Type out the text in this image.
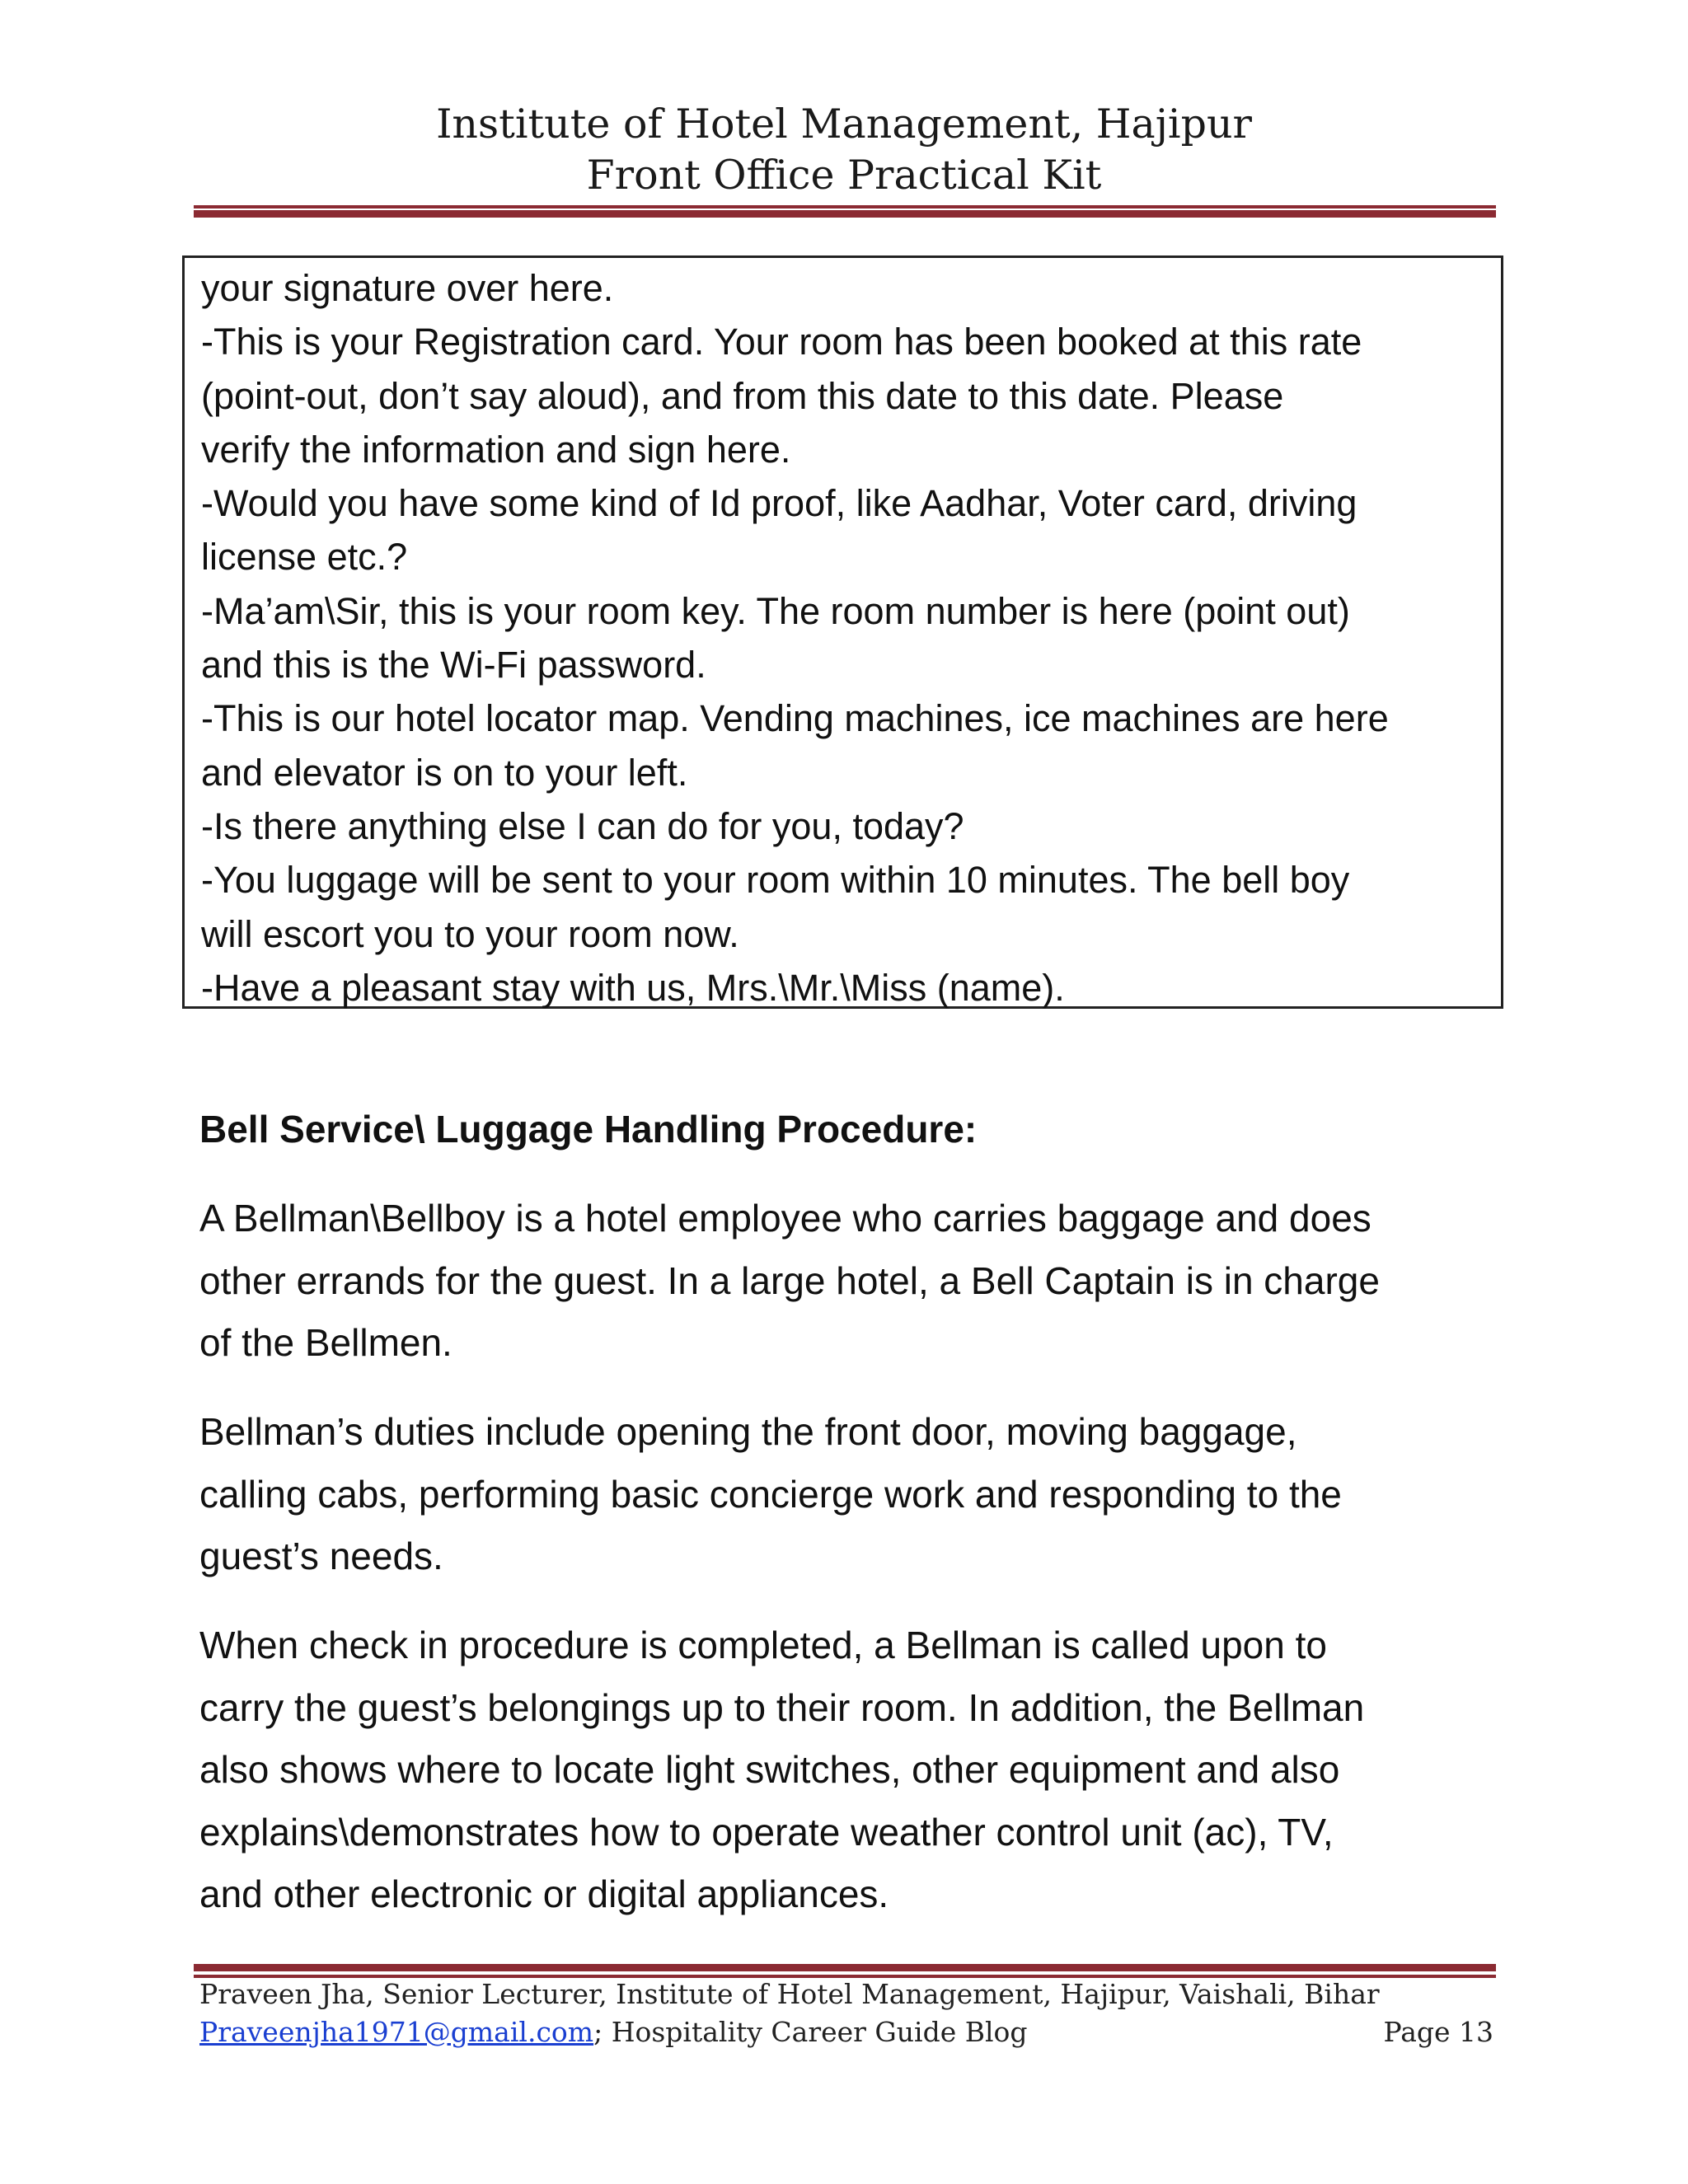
Institute of Hotel Management, Hajipur
Front Office Practical Kit
your signature over here.
-This is your Registration card. Your room has been booked at this rate
(point-out, don’t say aloud), and from this date to this date. Please
verify the information and sign here.
-Would you have some kind of Id proof, like Aadhar, Voter card, driving
license etc.?
-Ma’am\Sir, this is your room key. The room number is here (point out)
and this is the Wi-Fi password.
-This is our hotel locator map. Vending machines, ice machines are here
and elevator is on to your left.
-Is there anything else I can do for you, today?
-You luggage will be sent to your room within 10 minutes. The bell boy
will escort you to your room now.
-Have a pleasant stay with us, Mrs.\Mr.\Miss (name).
Bell Service\ Luggage Handling Procedure:
A Bellman\Bellboy is a hotel employee who carries baggage and does
other errands for the guest. In a large hotel, a Bell Captain is in charge
of the Bellmen.
Bellman’s duties include opening the front door, moving baggage,
calling cabs, performing basic concierge work and responding to the
guest’s needs.
When check in procedure is completed, a Bellman is called upon to
carry the guest’s belongings up to their room. In addition, the Bellman
also shows where to locate light switches, other equipment and also
explains\demonstrates how to operate weather control unit (ac), TV,
and other electronic or digital appliances.
Praveen Jha, Senior Lecturer, Institute of Hotel Management, Hajipur, Vaishali, Bihar
Praveenjha1971@gmail.com; Hospitality Career Guide Blog	Page 13
